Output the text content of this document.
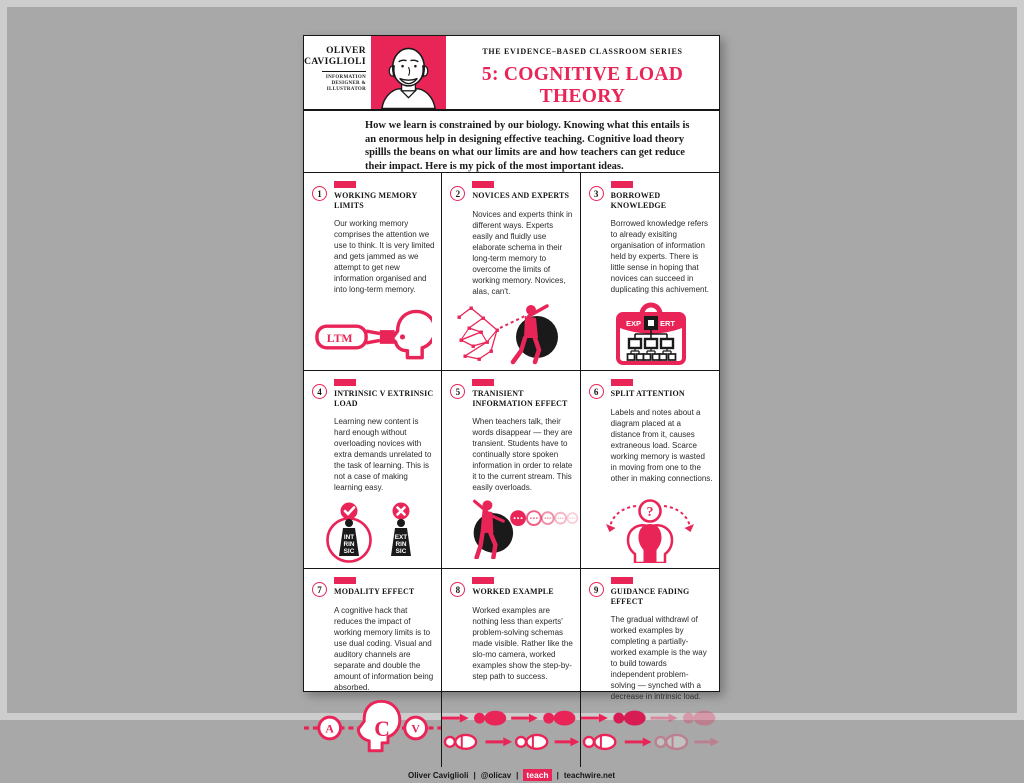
OLIVER
CAVIGLIOLI
INFORMATION
DESIGNER &
ILLUSTRATOR
THE EVIDENCE–BASED CLASSROOM SERIES
5: COGNITIVE LOAD THEORY

How we learn is constrained by our biology. Knowing what this entails is an enormous help in designing effective teaching. Cognitive load theory spillls the beans on what our limits are and how teachers can get reduce their impact. Here is my pick of the most important ideas.

1	WORKING MEMORY LIMITS
Our working memory comprises the attention we use to think. It is very limited and gets jammed as we attempt to get new information organised and into long-term memory.
LTM
2	NOVICES AND EXPERTS
Novices and experts think in different ways. Experts easily and fluidly use elaborate schema in their long-term memory to overcome the limits of working memory. Novices, alas, can't.
3	BORROWED KNOWLEDGE
Borrowed knowledge refers to already exisiting organisation of information held by experts. There is little sense in hoping that novices can succeed in duplicating this achivement.
EXP	ERT
4	INTRINSIC V EXTRINSIC LOAD
Learning new content is hard enough without overloading novices with extra demands unrelated to the task of learning. This is not a case of making learning easy.
INT
RIN
SIC
EXT
RIN
SIC
5	TRANISIENT INFORMATION EFFECT
When teachers talk, their words disappear — they are transient. Students have to continually store spoken information in order to relate it to the current stream. This easily overloads.
6	SPLIT ATTENTION
Labels and notes about a diagram placed at a distance from it, causes extraneous load. Scarce working memory is wasted in moving from one to the other in making connections.
?
7	MODALITY EFFECT
A cognitive hack that reduces the impact of working memory limits is to use dual coding. Visual and auditory channels are separate and double the amount of information being absorbed.
A C V
8	WORKED EXAMPLE
Worked examples are nothing less than experts' problem-solving schemas made visible. Rather like the slo-mo camera, worked examples show the step-by-step path to success.
9	GUIDANCE FADING EFFECT
The gradual withdrawl of worked examples by completing a partially-worked example is the way to build towards independent problem-solving — synched with a decrease in intrinsic load.
Oliver Caviglioli | @olicav | teach	| teachwire.net
